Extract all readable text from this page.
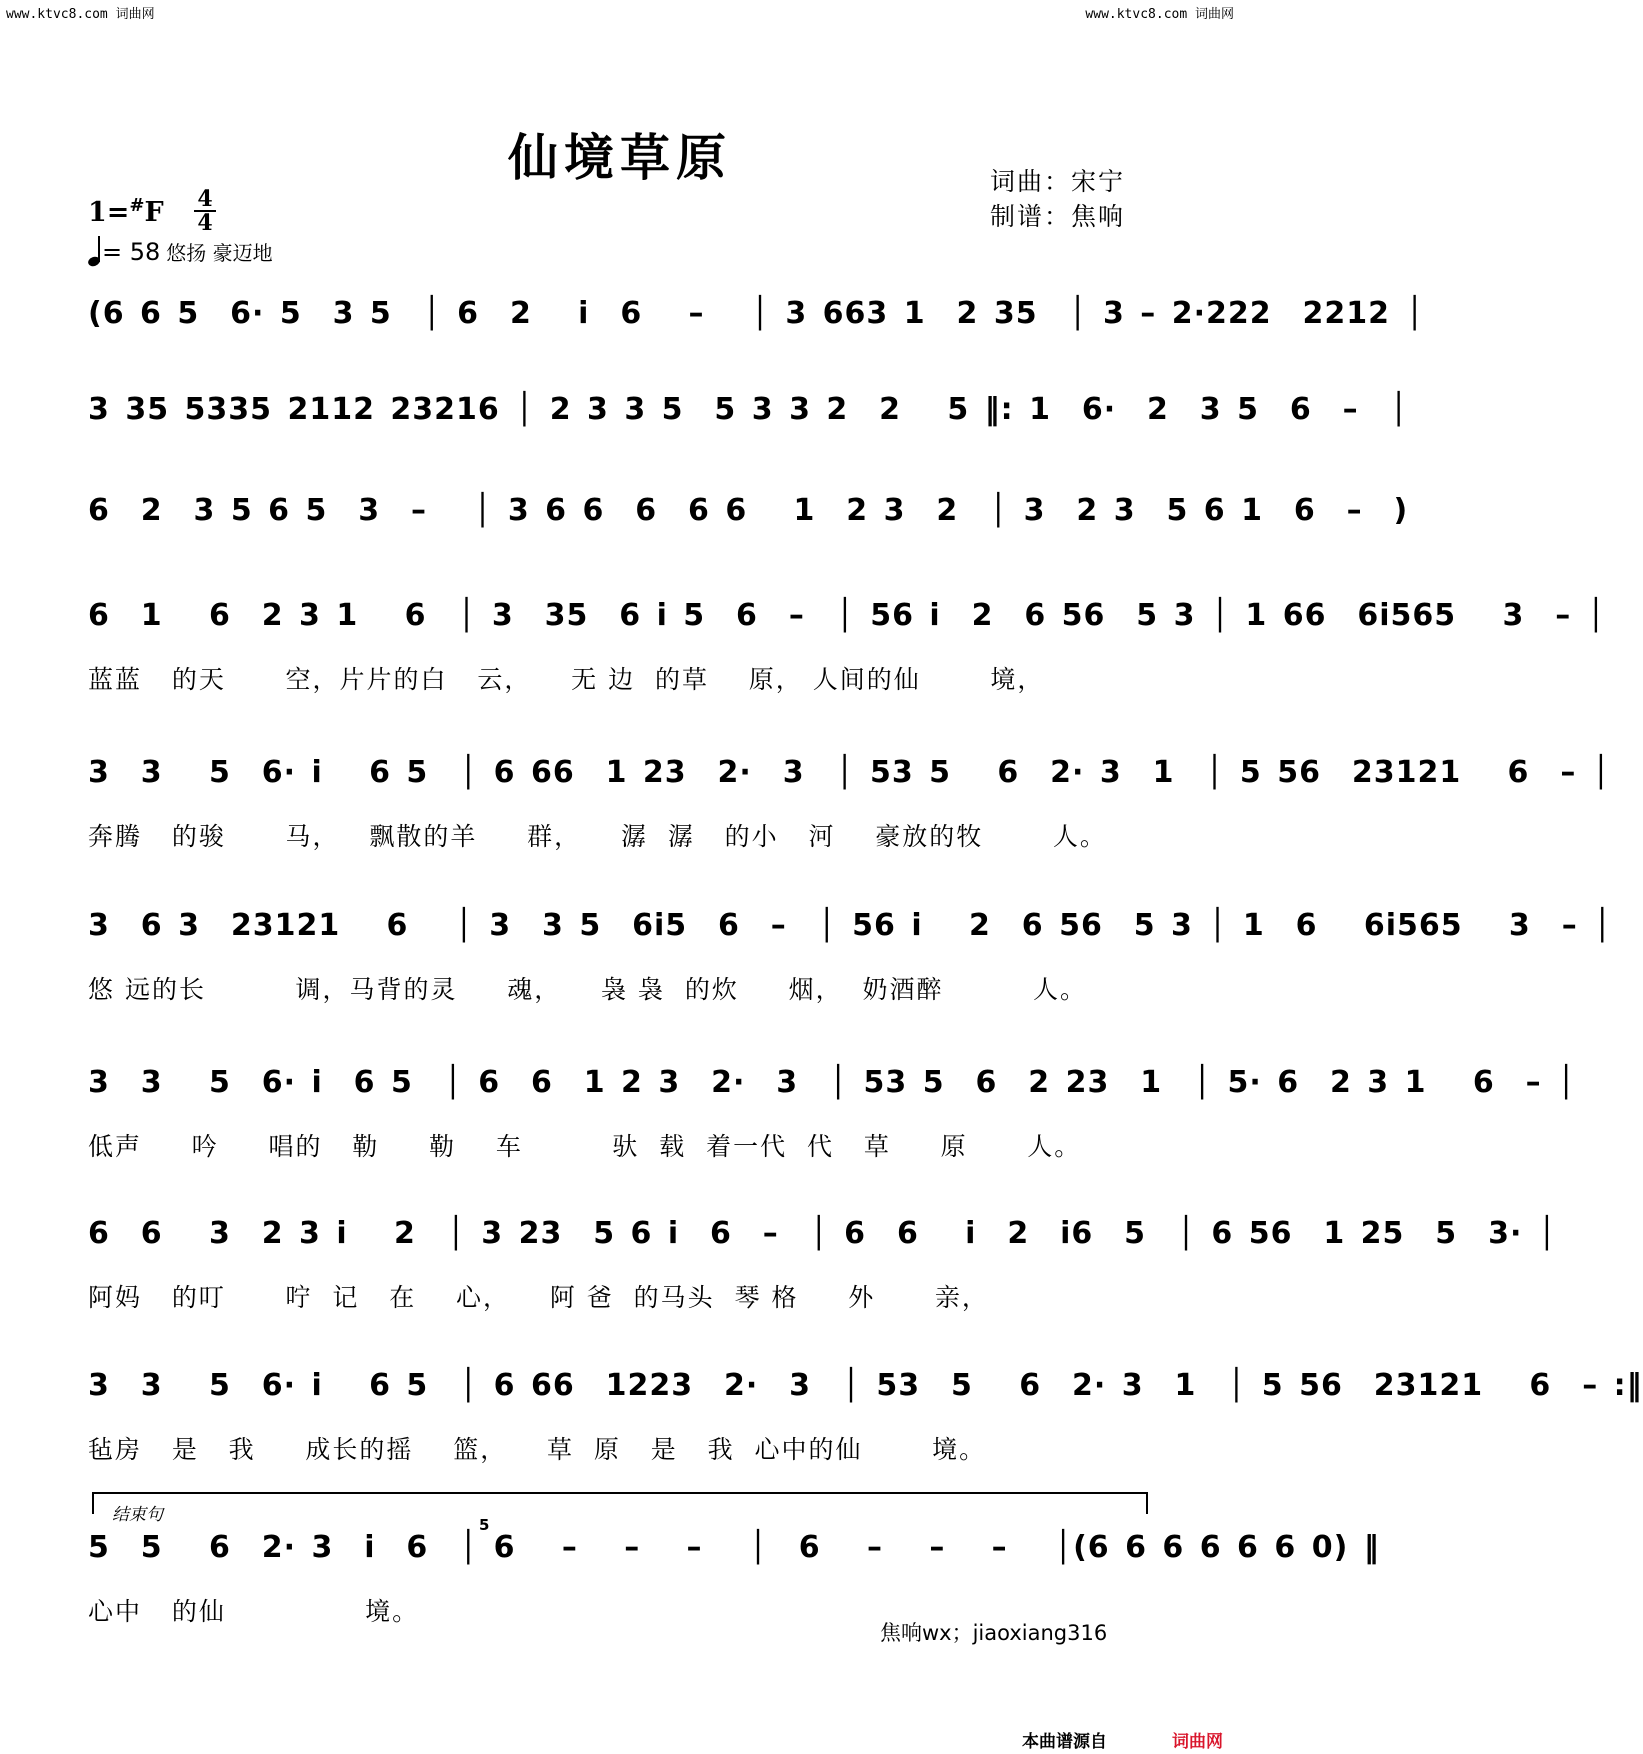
www.ktvc8.com 词曲网	www.ktvc8.com 词曲网
仙境草原	词曲：宋宁
制谱：焦响
1=#F 4
4
= 58 悠扬 豪迈地
(6 6 5  6· 5  3 5  │ 6  2   i  6   –   │ 3 663 1  2 35  │ 3 – 2·222  2212 │
3 35 5335 2112 23216 │ 2 3 3 5  5 3 3 2  2   5 ‖: 1  6·  2  3 5  6  –  │
6  2  3 5 6 5  3  –   │ 3 6 6  6  6 6   1  2 3  2  │ 3  2 3  5 6 1  6  –  )
6  1   6  2 3 1   6  │ 3  35  6 i 5  6  –  │ 56 i  2  6 56  5 3 │ 1 66  6i565   3  – │
蓝蓝   的天      空，片片的白   云，    无 边  的草    原， 人间的仙       境，
3  3   5  6· i   6 5  │ 6 66  1 23  2·  3  │ 53 5   6  2· 3  1  │ 5 56  23121   6  – │
奔腾   的骏      马，   飘散的羊     群，    潺  潺   的小   河    豪放的牧       人。
3  6 3  23121   6   │ 3  3 5  6i5  6  –  │ 56 i   2  6 56  5 3 │ 1  6   6i565   3  – │
悠 远的长         调，马背的灵     魂，    袅 袅  的炊     烟，  奶酒醉         人。
3  3   5  6· i  6 5  │ 6  6  1 2 3  2·  3  │ 53 5  6  2 23  1  │ 5· 6  2 3 1   6  – │
低声     吟     唱的   勒     勒    车         驮  载  着一代  代   草     原      人。
6  6   3  2 3 i   2  │ 3 23  5 6 i  6  –  │ 6  6   i  2  i6  5  │ 6 56  1 25  5  3· │
阿妈   的叮      咛  记   在    心，    阿 爸  的马头  琴 格     外      亲，
3  3   5  6· i   6 5  │ 6 66  1223  2·  3  │ 53  5   6  2· 3  1  │ 5 56  23121   6  – :‖
毡房   是   我     成长的摇    篮，    草  原   是   我  心中的仙       境。
结束句	5
5  5   6  2· 3  i  6  │ 6   –   –   –   │  6   –   –   –   │(6 6 6 6 6 6 0) ‖
心中   的仙              境。
焦响wx；jiaoxiang316
本曲谱源自	词曲网
